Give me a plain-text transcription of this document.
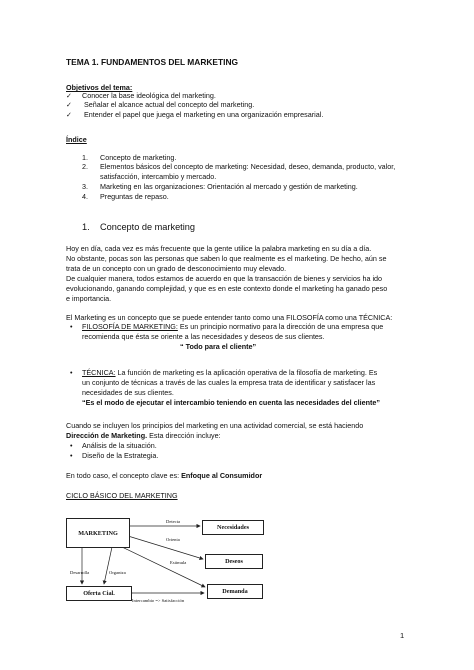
TEMA 1. FUNDAMENTOS DEL MARKETING
Objetivos del tema:
✓ Conocer la base ideológica del marketing.
✓ Señalar el alcance actual del concepto del marketing.
✓ Entender el papel que juega el marketing en una organización empresarial.
Índice
1. Concepto de marketing.
2. Elementos básicos del concepto de marketing: Necesidad, deseo, demanda, producto, valor,
satisfacción, intercambio y mercado.
3. Marketing en las organizaciones: Orientación al mercado y gestión de marketing.
4. Preguntas de repaso.
1. Concepto de marketing
Hoy en día, cada vez es más frecuente que la gente utilice la palabra marketing en su día a día.
No obstante, pocas son las personas que saben lo que realmente es el marketing. De hecho, aún se
trata de un concepto con un grado de desconocimiento muy elevado.
De cualquier manera, todos estamos de acuerdo en que la transacción de bienes y servicios ha ido
evolucionando, ganando complejidad, y que es en este contexto donde el marketing ha ganado peso
e importancia.
El Marketing es un concepto que se puede entender tanto como una FILOSOFÍA como una TÉCNICA:
• FILOSOFÍA DE MARKETING: Es un principio normativo para la dirección de una empresa que
recomienda que ésta se oriente a las necesidades y deseos de sus clientes.
“ Todo para el cliente”
• TÉCNICA: La función de marketing es la aplicación operativa de la filosofía de marketing. Es
un conjunto de técnicas a través de las cuales la empresa trata de identificar y satisfacer las
necesidades de sus clientes.
“Es el modo de ejecutar el intercambio teniendo en cuenta las necesidades del cliente”
Cuando se incluyen los principios del marketing en una actividad comercial, se está haciendo
Dirección de Marketing. Esta dirección incluye:
• Análisis de la situación.
• Diseño de la Estrategia.
En todo caso, el concepto clave es: Enfoque al Consumidor
CICLO BÁSICO DEL MARKETING
MARKETING
Necesidades
Deseos
Demanda
Oferta Cial.
Detecta
Orienta
Estimula
Desarrolla	Organiza
Intercambio => Satisfacción
1
